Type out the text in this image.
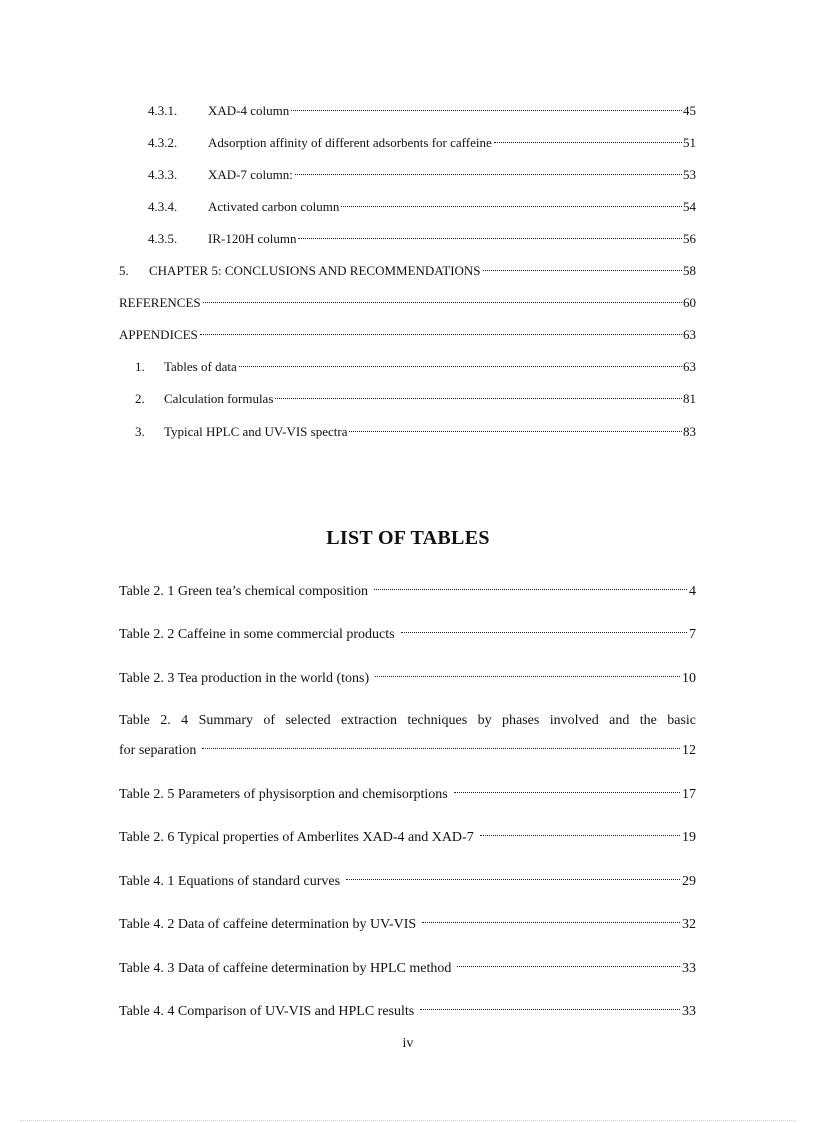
4.3.1. XAD-4 column	45
4.3.2. Adsorption affinity of different adsorbents for caffeine	51
4.3.3. XAD-7 column:	53
4.3.4. Activated carbon column	54
4.3.5. IR-120H column	56
5. CHAPTER 5: CONCLUSIONS AND RECOMMENDATIONS	58
REFERENCES	60
APPENDICES	63
1. Tables of data	63
2. Calculation formulas	81
3. Typical HPLC and UV-VIS spectra	83
LIST OF TABLES
Table 2. 1 Green tea’s chemical composition	4
Table 2. 2 Caffeine in some commercial products	7
Table 2. 3 Tea production in the world (tons)	10
Table 2. 4 Summary of selected extraction techniques by phases involved and the basic
for separation	12
Table 2. 5 Parameters of physisorption and chemisorptions	17
Table 2. 6 Typical properties of Amberlites XAD-4 and XAD-7	19
Table 4. 1 Equations of standard curves	29
Table 4. 2 Data of caffeine determination by UV-VIS	32
Table 4. 3 Data of caffeine determination by HPLC method	33
Table 4. 4 Comparison of UV-VIS and HPLC results	33
iv
